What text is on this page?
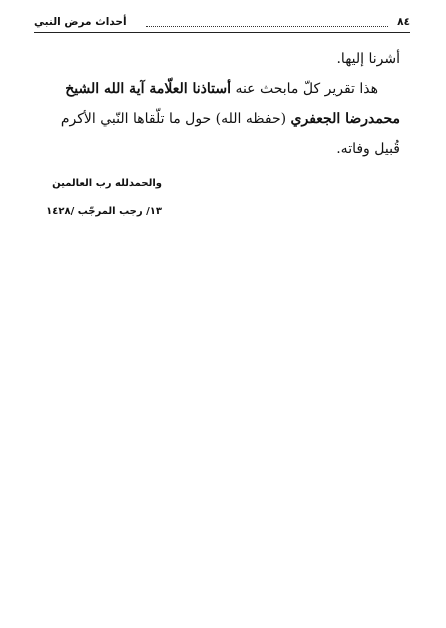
أحداث مرض النبي	٨٤
أشرنا إليها.
هذا تقرير كلّ مابحث عنه أستاذنا العلّامة آية الله الشيخ
محمدرضا الجعفري (حفظه الله) حول ما تلّقاها النّبي الأكرم
قُبيل وفاته.
والحمدلله رب العالمين
١٣/ رجب المرجّب /١٤٢٨
